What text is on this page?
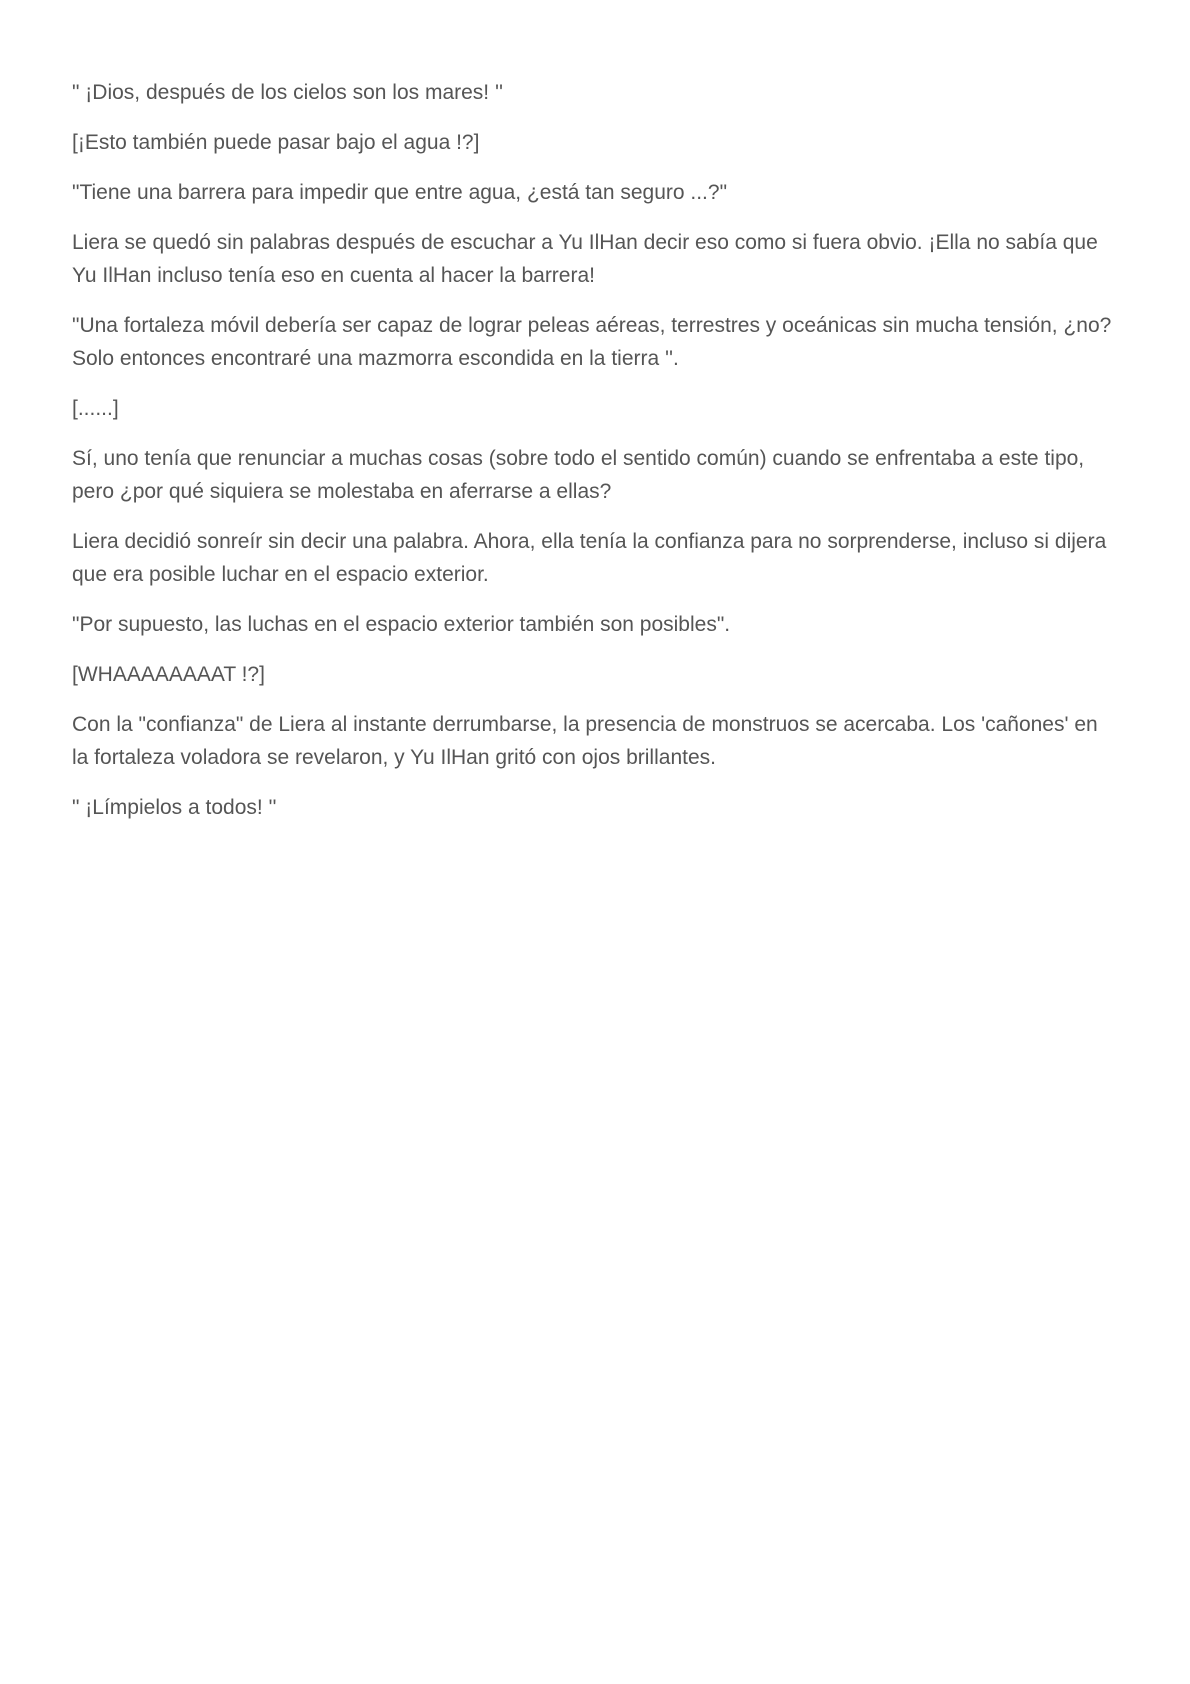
" ¡Dios, después de los cielos son los mares! ''

[¡Esto también puede pasar bajo el agua !?]

"Tiene una barrera para impedir que entre agua, ¿está tan seguro ...?"

Liera se quedó sin palabras después de escuchar a Yu IlHan decir eso como si fuera obvio. ¡Ella no sabía que Yu IlHan incluso tenía eso en cuenta al hacer la barrera!

"Una fortaleza móvil debería ser capaz de lograr peleas aéreas, terrestres y oceánicas sin mucha tensión, ¿no? Solo entonces encontraré una mazmorra escondida en la tierra ''.

[......]

Sí, uno tenía que renunciar a muchas cosas (sobre todo el sentido común) cuando se enfrentaba a este tipo, pero ¿por qué siquiera se molestaba en aferrarse a ellas?

Liera decidió sonreír sin decir una palabra. Ahora, ella tenía la confianza para no sorprenderse, incluso si dijera que era posible luchar en el espacio exterior.

"Por supuesto, las luchas en el espacio exterior también son posibles".

[WHAAAAAAAAT !?]

Con la "confianza" de Liera al instante derrumbarse, la presencia de monstruos se acercaba. Los 'cañones' en la fortaleza voladora se revelaron, y Yu IlHan gritó con ojos brillantes.

" ¡Límpielos a todos! ''
